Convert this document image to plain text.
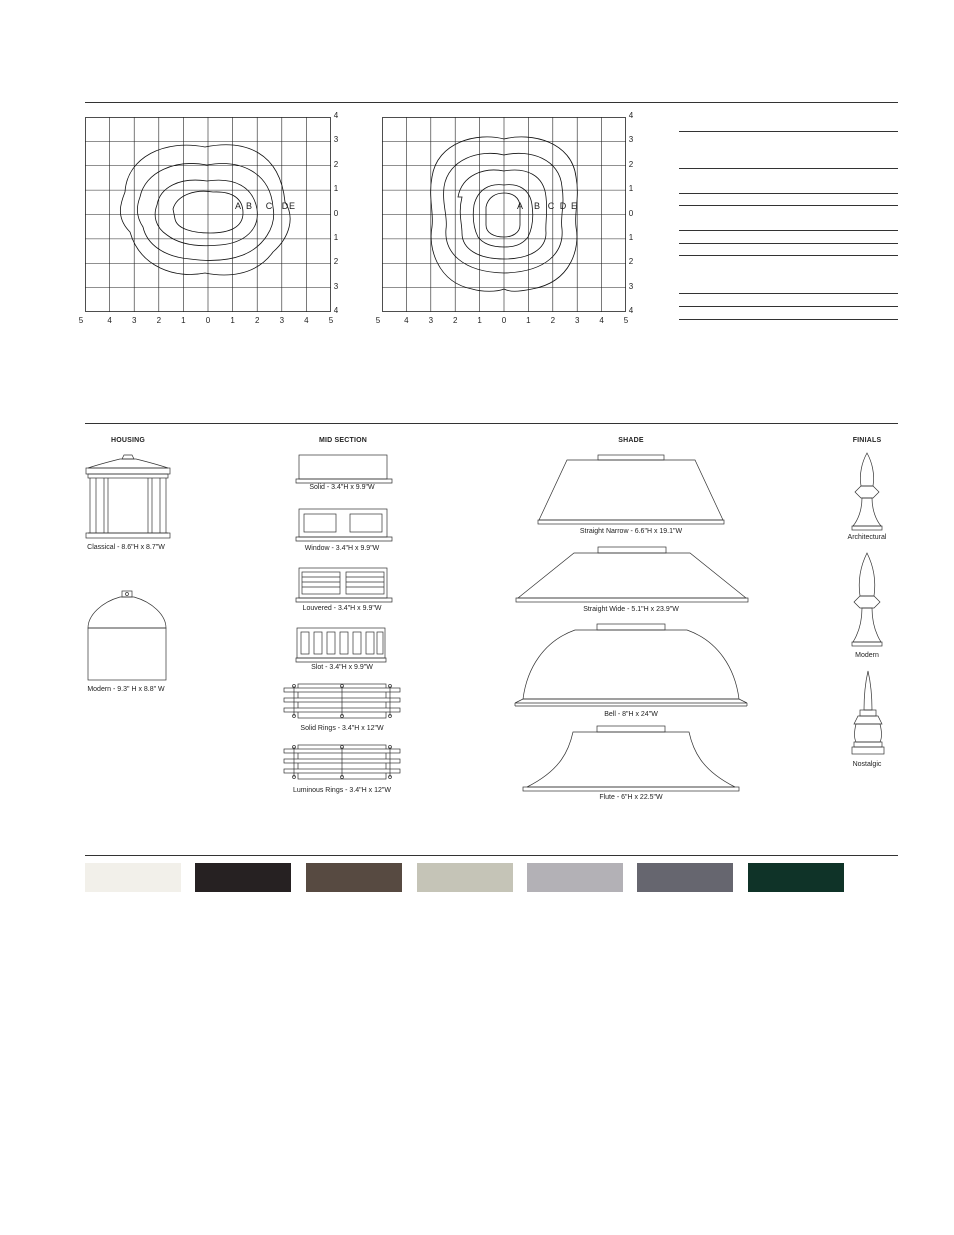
4
3
2
1
0
1
2
3
4
5	4	3	2	1	0	1	2	3	4	5
4
3
2
1
0
1
2
3
4
5	4	3	2	1	0	1	2	3	4	5
A B C D E	A B C D E
HOUSING	MID SECTION	SHADE	FINIALS
Classical - 8.6"H x 8.7"W
Modern - 9.3" H x 8.8" W
Solid - 3.4"H x 9.9"W
Window - 3.4"H x 9.9"W
Louvered - 3.4"H x 9.9"W
Slot - 3.4"H x 9.9"W
Solid Rings - 3.4"H x 12"W
Luminous Rings - 3.4"H x 12"W
Straight Narrow - 6.6"H x 19.1"W
Straight Wide - 5.1"H x 23.9"W
Bell - 8"H x 24"W
Flute - 6"H x 22.5"W
Architectural
Modern
Nostalgic
